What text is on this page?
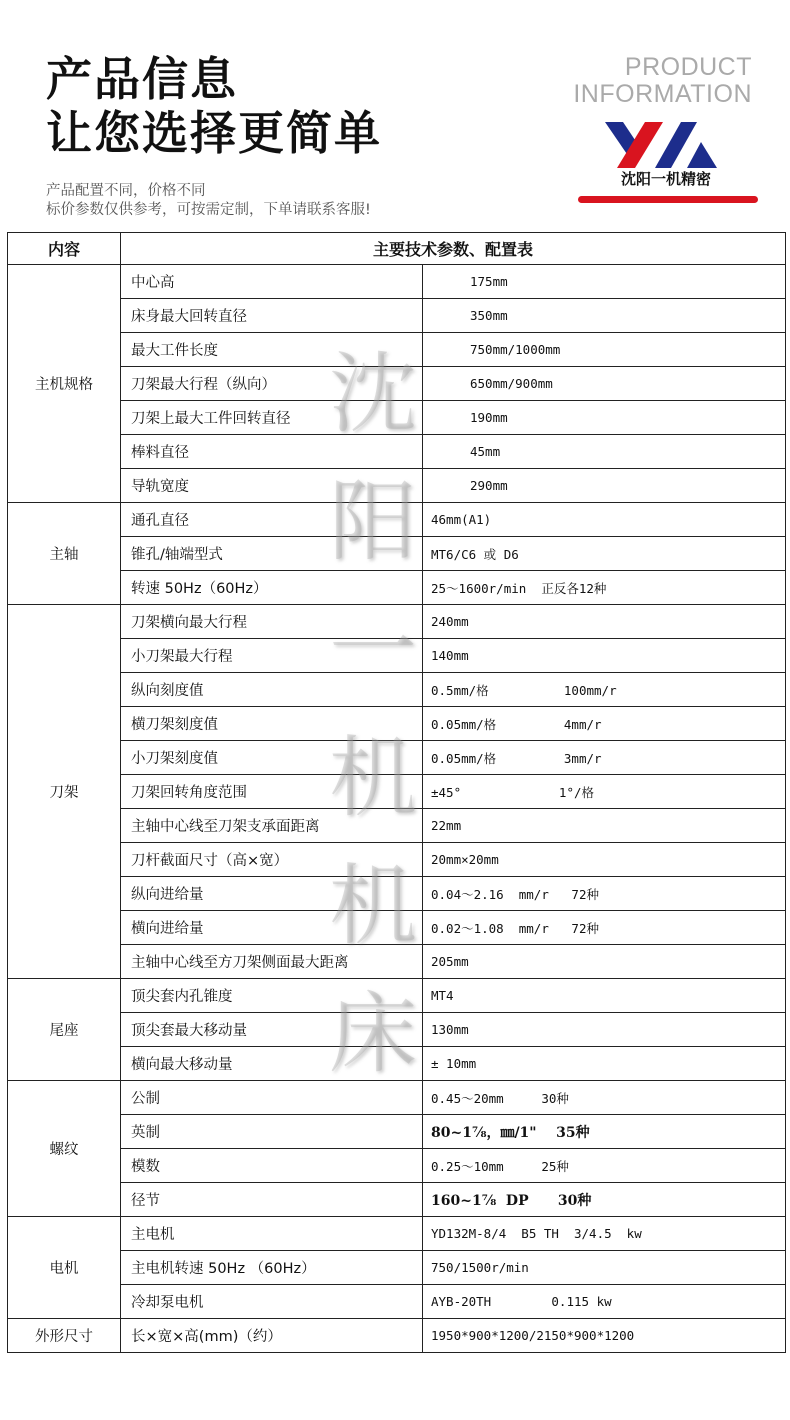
产品信息
让您选择更简单
产品配置不同，价格不同
标价参数仅供参考，可按需定制，下单请联系客服!
PRODUCT
INFORMATION
沈阳一机精密
内容	主要技术参数、配置表	
主机规格	中心高	175mm
	床身最大回转直径	350mm
	最大工件长度	750mm/1000mm
	刀架最大行程（纵向）	650mm/900mm
	刀架上最大工件回转直径	190mm
	棒料直径	45mm
	导轨宽度	290mm
主轴	通孔直径	46mm(A1)
	锥孔/轴端型式	MT6/C6 或 D6
	转速 50Hz（60Hz）	25～1600r/min  正反各12种
刀架	刀架横向最大行程	240mm
	小刀架最大行程	140mm
	纵向刻度值	0.5mm/格          100mm/r
	横刀架刻度值	0.05mm/格         4mm/r
	小刀架刻度值	0.05mm/格         3mm/r
	刀架回转角度范围	±45°             1°/格
	主轴中心线至刀架支承面距离	22mm
	刀杆截面尺寸（高×宽）	20mm×20mm
	纵向进给量	0.04～2.16  mm/r   72种
	横向进给量	0.02～1.08  mm/r   72种
	主轴中心线至方刀架侧面最大距离	205mm
尾座	顶尖套内孔锥度	MT4
	顶尖套最大移动量	130mm
	横向最大移动量	± 10mm
螺纹	公制	0.45～20mm     30种
	英制	80~1⅞，㎜/1"    35种
	模数	0.25～10mm     25种
	径节	160~1⅞  DP      30种
电机	主电机	YD132M-8/4  B5 TH  3/4.5  kw
	主电机转速 50Hz （60Hz）	750/1500r/min
	冷却泵电机	AYB-20TH        0.115 kw
外形尺寸	长×宽×高(mm)（约）	1950*900*1200/2150*900*1200
沈
阳
一
机
机
床
